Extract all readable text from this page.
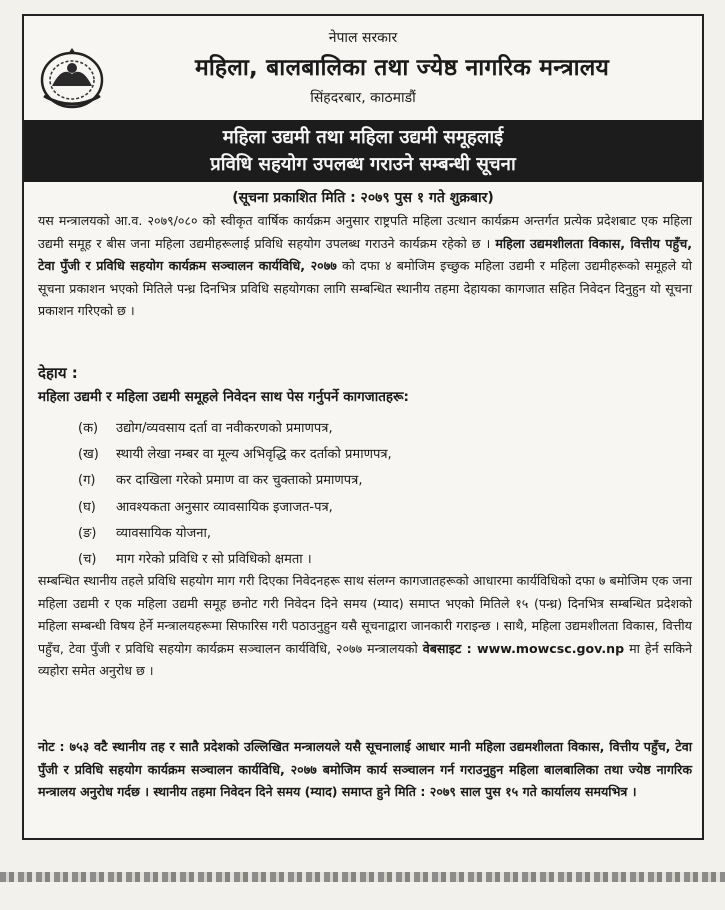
नेपाल सरकार
महिला, बालबालिका तथा ज्येष्ठ नागरिक मन्त्रालय
सिंहदरबार, काठमाडौं
महिला उद्यमी तथा महिला उद्यमी समूहलाई
प्रविधि सहयोग उपलब्ध गराउने सम्बन्धी सूचना
(सूचना प्रकाशित मिति : २०७९ पुस १ गते शुक्रबार)
यस मन्त्रालयको आ.व. २०७९/०८० को स्वीकृत वार्षिक कार्यक्रम अनुसार राष्ट्रपति महिला उत्थान कार्यक्रम अन्तर्गत प्रत्येक प्रदेशबाट एक महिला उद्यमी समूह र बीस जना महिला उद्यमीहरूलाई प्रविधि सहयोग उपलब्ध गराउने कार्यक्रम रहेको छ । महिला उद्यमशीलता विकास, वित्तीय पहुँच, टेवा पुँजी र प्रविधि सहयोग कार्यक्रम सञ्चालन कार्यविधि, २०७७ को दफा ४ बमोजिम इच्छुक महिला उद्यमी र महिला उद्यमीहरूको समूहले यो सूचना प्रकाशन भएको मितिले पन्ध्र दिनभित्र प्रविधि सहयोगका लागि सम्बन्धित स्थानीय तहमा देहायका कागजात सहित निवेदन दिनुहुन यो सूचना प्रकाशन गरिएको छ ।
देहाय :
महिला उद्यमी र महिला उद्यमी समूहले निवेदन साथ पेस गर्नुपर्ने कागजातहरू:
(क)	उद्योग/व्यवसाय दर्ता वा नवीकरणको प्रमाणपत्र,
(ख)	स्थायी लेखा नम्बर वा मूल्य अभिवृद्धि कर दर्ताको प्रमाणपत्र,
(ग)	कर दाखिला गरेको प्रमाण वा कर चुक्ताको प्रमाणपत्र,
(घ)	आवश्यकता अनुसार व्यावसायिक इजाजत-पत्र,
(ङ)	व्यावसायिक योजना,
(च)	माग गरेको प्रविधि र सो प्रविधिको क्षमता ।
सम्बन्धित स्थानीय तहले प्रविधि सहयोग माग गरी दिएका निवेदनहरू साथ संलग्न कागजातहरूको आधारमा कार्यविधिको दफा ७ बमोजिम एक जना महिला उद्यमी र एक महिला उद्यमी समूह छनोट गरी निवेदन दिने समय (म्याद) समाप्त भएको मितिले १५ (पन्ध्र) दिनभित्र सम्बन्धित प्रदेशको महिला सम्बन्धी विषय हेर्ने मन्त्रालयहरूमा सिफारिस गरी पठाउनुहुन यसै सूचनाद्वारा जानकारी गराइन्छ । साथै, महिला उद्यमशीलता विकास, वित्तीय पहुँच, टेवा पुँजी र प्रविधि सहयोग कार्यक्रम सञ्चालन कार्यविधि, २०७७ मन्त्रालयको वेबसाइट : www.mowcsc.gov.np मा हेर्न सकिने व्यहोरा समेत अनुरोध छ ।
नोट : ७५३ वटै स्थानीय तह र सातै प्रदेशको उल्लिखित मन्त्रालयले यसै सूचनालाई आधार मानी महिला उद्यमशीलता विकास, वित्तीय पहुँच, टेवा पुँजी र प्रविधि सहयोग कार्यक्रम सञ्चालन कार्यविधि, २०७७ बमोजिम कार्य सञ्चालन गर्न गराउनुहुन महिला बालबालिका तथा ज्येष्ठ नागरिक मन्त्रालय अनुरोध गर्दछ । स्थानीय तहमा निवेदन दिने समय (म्याद) समाप्त हुने मिति : २०७९ साल पुस १५ गते कार्यालय समयभित्र ।
